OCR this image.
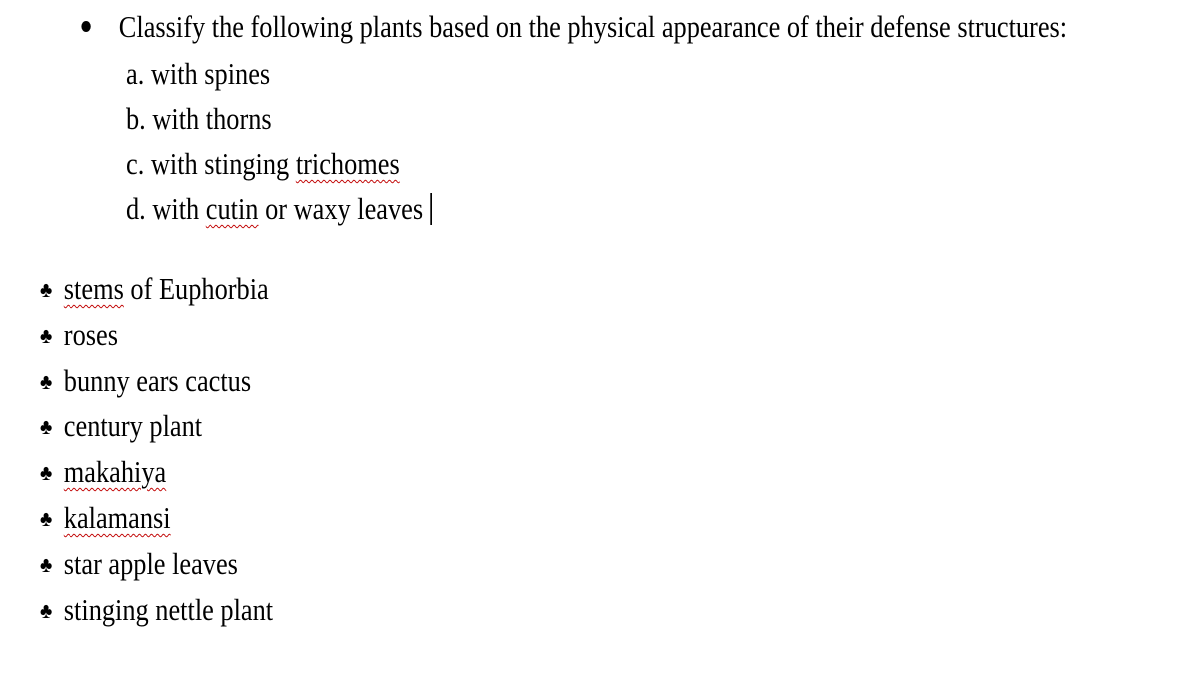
Classify the following plants based on the physical appearance of their defense structures:
a. with spines
b. with thorns
c. with stinging trichomes
d. with cutin or waxy leaves
♣ stems of Euphorbia
♣ roses
♣ bunny ears cactus
♣ century plant
♣ makahiya
♣ kalamansi
♣ star apple leaves
♣ stinging nettle plant
